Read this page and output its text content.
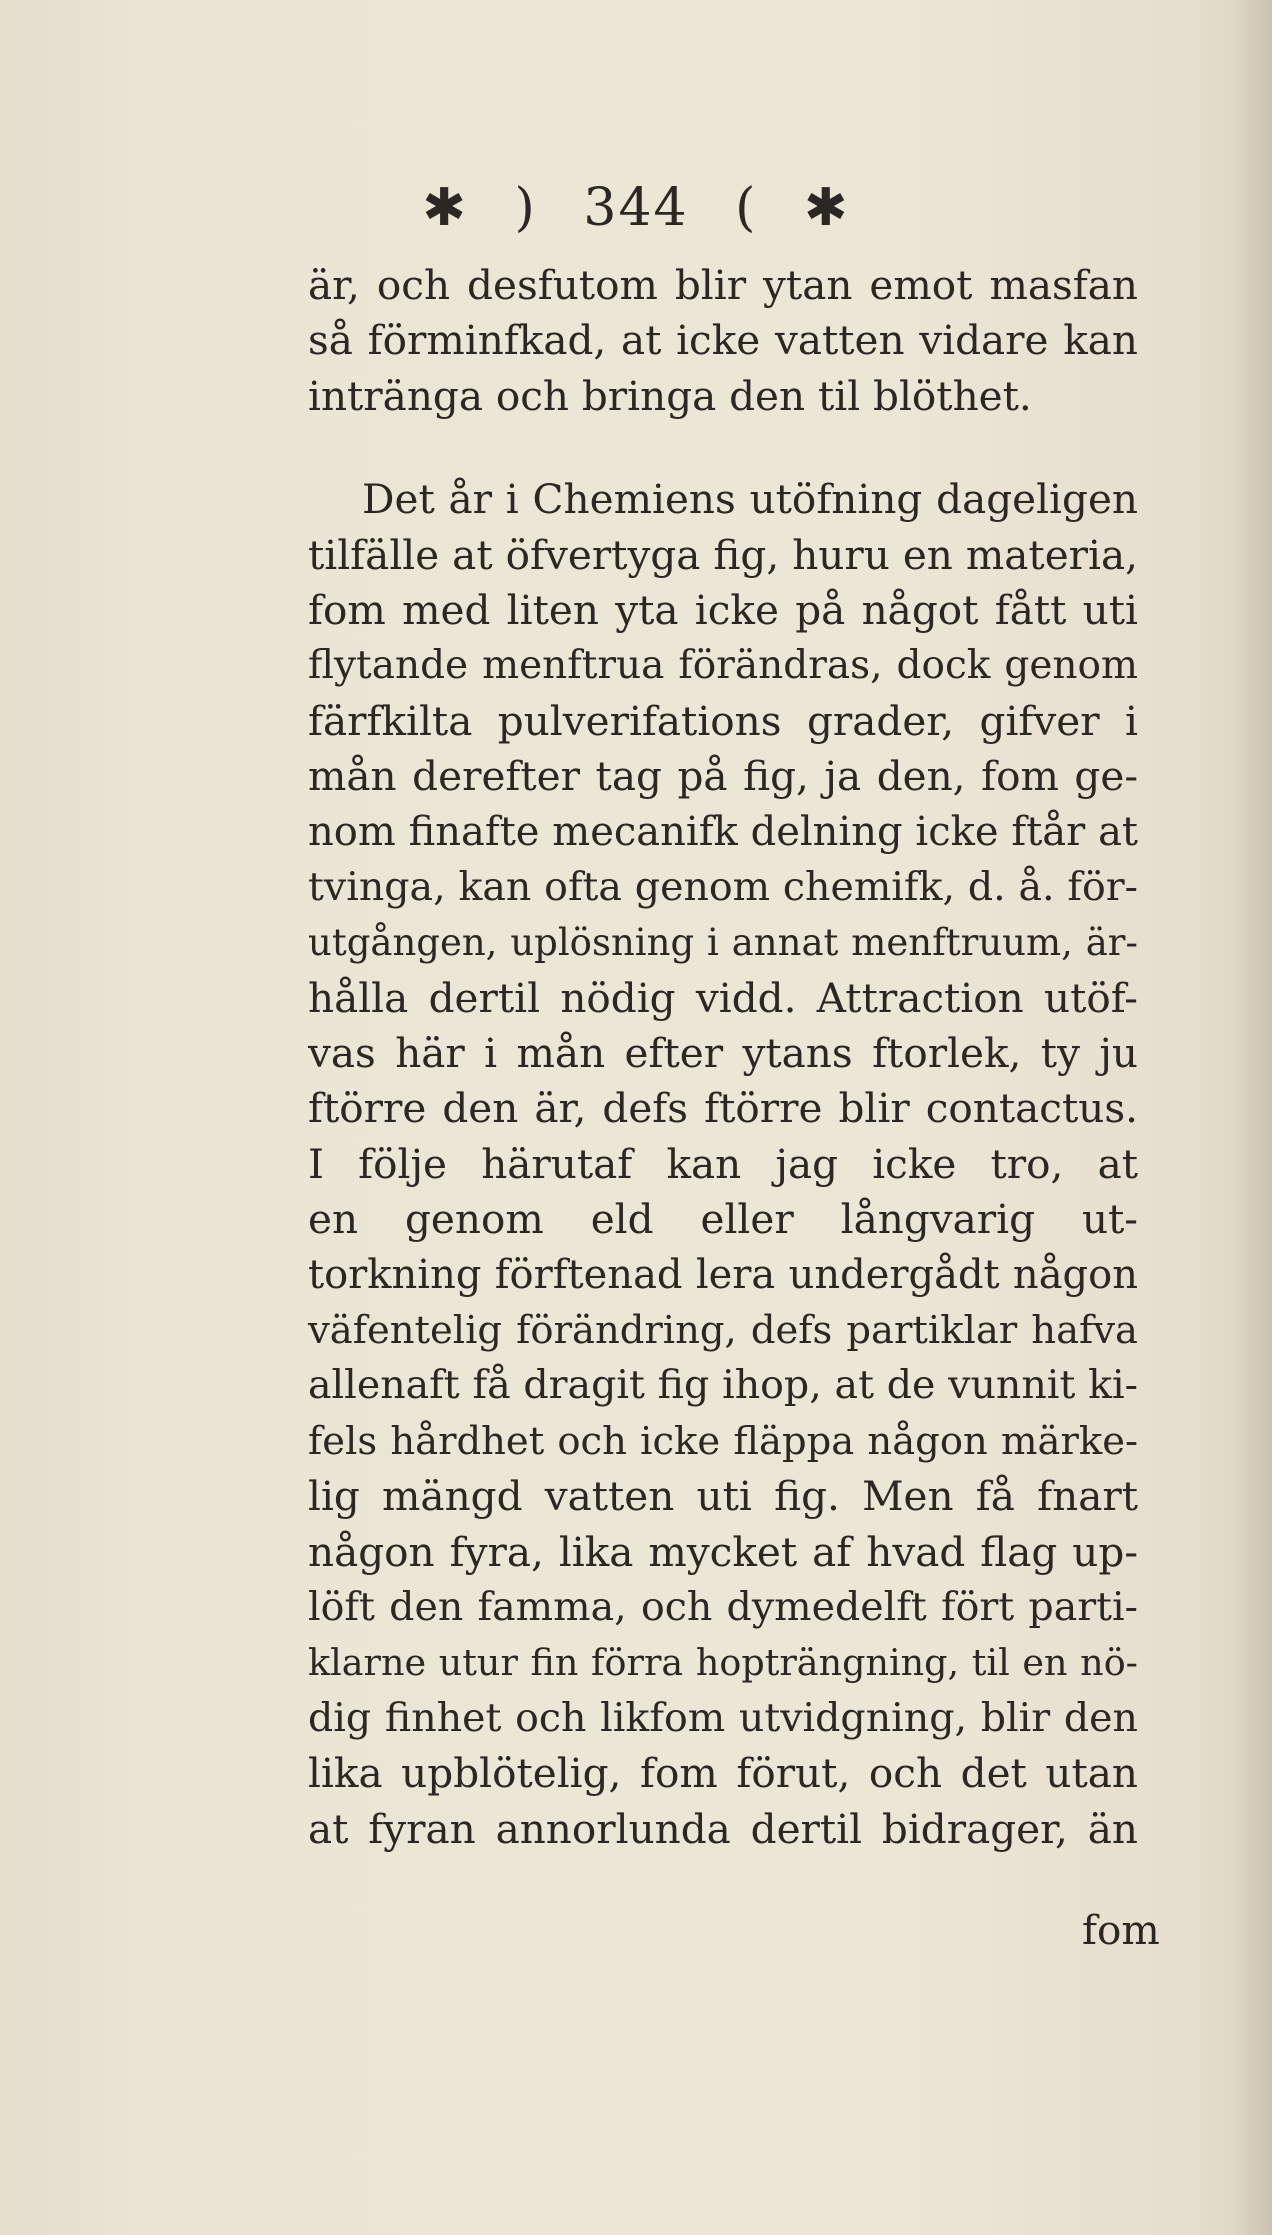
✱ ) 344 ( ✱
är, och desfutom blir ytan emot masfan
så förminfkad, at icke vatten vidare kan
intränga och bringa den til blöthet.
Det år i Chemiens utöfning dageligen
tilfälle at öfvertyga fig, huru en materia,
fom med liten yta icke på något fått uti
flytande menftrua förändras, dock genom
färfkilta pulverifations grader, gifver i
mån derefter tag på fig, ja den, fom ge-
nom finafte mecanifk delning icke ftår at
tvinga, kan ofta genom chemifk, d. å. för-
utgången, uplösning i annat menftruum, är-
hålla dertil nödig vidd. Attraction utöf-
vas här i mån efter ytans ftorlek, ty ju
ftörre den är, defs ftörre blir contactus.
I följe härutaf kan jag icke tro, at
en genom eld eller långvarig ut-
torkning förftenad lera undergådt någon
väfentelig förändring, defs partiklar hafva
allenaft få dragit fig ihop, at de vunnit ki-
fels hårdhet och icke fläppa någon märke-
lig mängd vatten uti fig. Men få fnart
någon fyra, lika mycket af hvad flag up-
löft den famma, och dymedelft fört parti-
klarne utur fin förra hopträngning, til en nö-
dig finhet och likfom utvidgning, blir den
lika upblötelig, fom förut, och det utan
at fyran annorlunda dertil bidrager, än
fom
